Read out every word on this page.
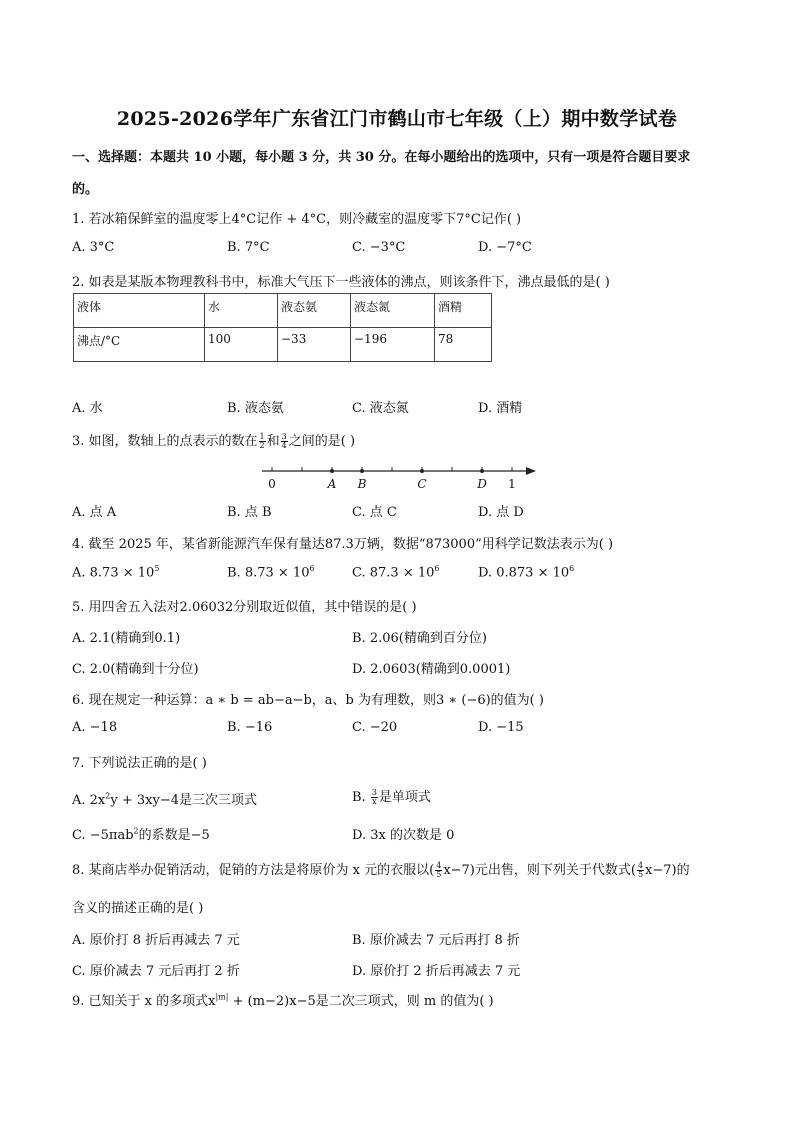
2025-2026学年广东省江门市鹤山市七年级（上）期中数学试卷
一、选择题：本题共 10 小题，每小题 3 分，共 30 分。在每小题给出的选项中，只有一项是符合题目要求
的。
1. 若冰箱保鲜室的温度零上4°C记作 + 4°C，则冷藏室的温度零下7°C记作( )
A. 3°C	B. 7°C	C. −3°C	D. −7°C
2. 如表是某版本物理教科书中，标准大气压下一些液体的沸点，则该条件下，沸点最低的是( )
液体	水	液态氨	液态氮	酒精
沸点/°C	100	−33	−196	78
A. 水	B. 液态氨	C. 液态氮	D. 酒精
3. 如图，数轴上的点表示的数在 $\frac{1}{2}$ 和 $\frac{3}{4}$ 之间的是( )
0	A B	C	D 1
A. 点 A	B. 点 B	C. 点 C	D. 点 D
4. 截至 2025 年，某省新能源汽车保有量达87.3万辆，数据“873000”用科学记数法表示为( )
A. $8.73 \times 10^5$	B. $8.73 \times 10^6$	C. $87.3 \times 10^6$	D. $0.873 \times 10^6$
5. 用四舍五入法对2.06032分别取近似值，其中错误的是( )
A. 2.1(精确到0.1)	B. 2.06(精确到百分位)
C. 2.0(精确到十分位)	D. 2.0603(精确到0.0001)
6. 现在规定一种运算：a ∗ b = ab−a−b，a、b 为有理数，则3 ∗ (−6)的值为( )
A. −18	B. −16	C. −20	D. −15
7. 下列说法正确的是( )
A. $2x^2y + 3xy-4$是三次三项式	B. $\frac{3}{x}$ 是单项式
C. −5πab$^2$的系数是−5	D. 3x 的次数是 0
8. 某商店举办促销活动，促销的方法是将原价为 x 元的衣服以( $\frac{4}{5} x-7$)元出售，则下列关于代数式( $\frac{4}{5} x-7$)的
含义的描述正确的是( )
A. 原价打 8 折后再减去 7 元	B. 原价减去 7 元后再打 8 折
C. 原价减去 7 元后再打 2 折	D. 原价打 2 折后再减去 7 元
9. 已知关于 x 的多项式$x^{|m|} + (m-2)x-5$是二次三项式，则 m 的值为( )
